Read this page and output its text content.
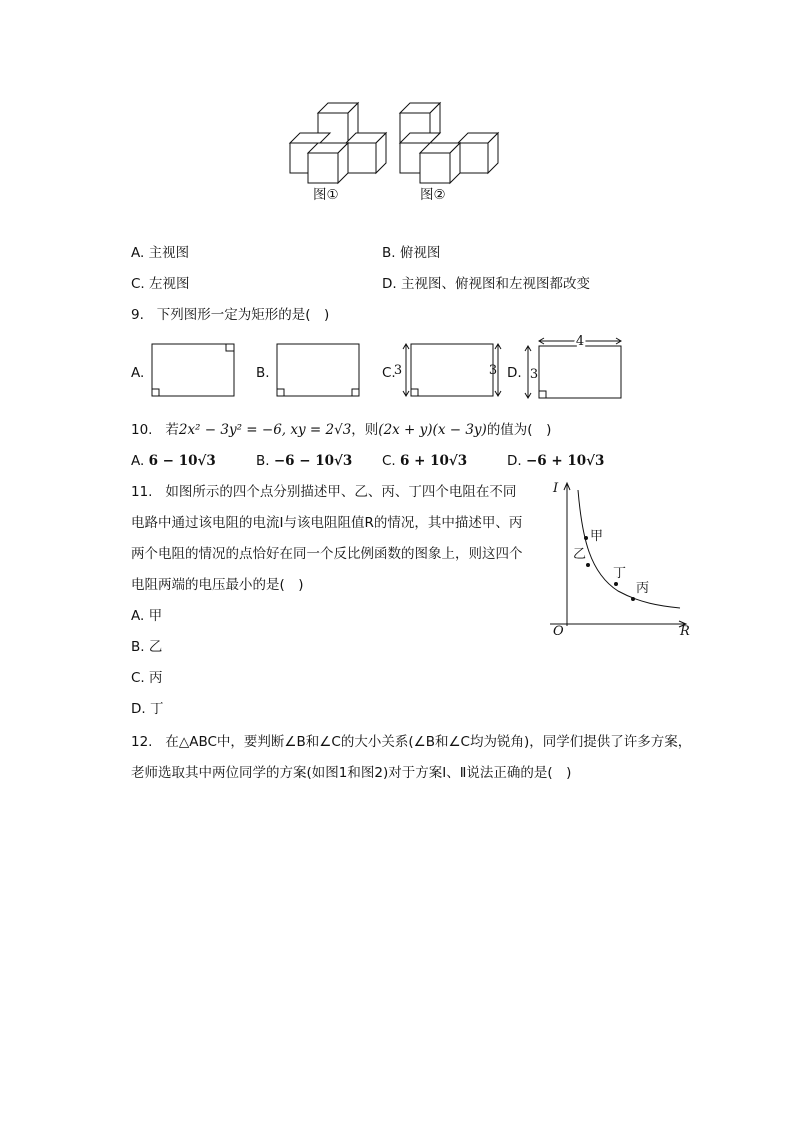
图①	图②
A. 主视图	B. 俯视图
C. 左视图	D. 主视图、俯视图和左视图都改变
9. 下列图形一定为矩形的是(　)
A.	B.	C.	D.
3	3
4
3
10. 若2x² − 3y² = −6, xy = 2√3，则(2x + y)(x − 3y)的值为(　)
A. 6 − 10√3	B. −6 − 10√3 C. 6 + 10√3	D. −6 + 10√3
11. 如图所示的四个点分别描述甲、乙、丙、丁四个电阻在不同
电路中通过该电阻的电流I与该电阻阻值R的情况，其中描述甲、丙
两个电阻的情况的点恰好在同一个反比例函数的图象上，则这四个
电阻两端的电压最小的是(　)
A. 甲
B. 乙
C. 丙
D. 丁
I
R
O
甲
乙
丁
丙
12. 在△ABC中，要判断∠B和∠C的大小关系(∠B和∠C均为锐角)，同学们提供了许多方案，
老师选取其中两位同学的方案(如图1和图2)对于方案Ⅰ、Ⅱ说法正确的是(　)
